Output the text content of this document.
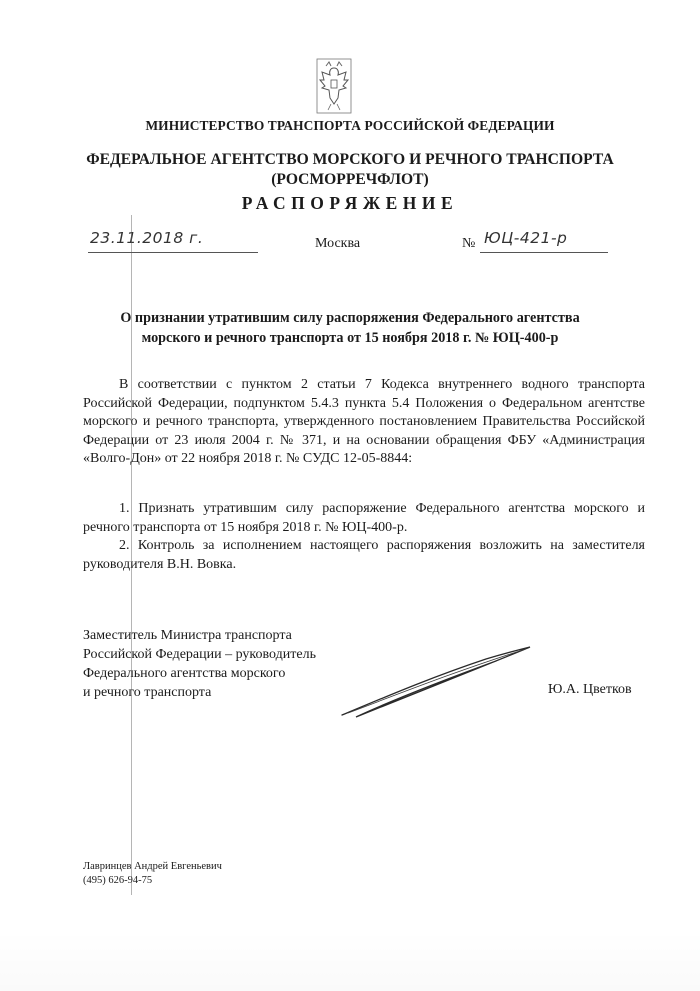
МИНИСТЕРСТВО ТРАНСПОРТА РОССИЙСКОЙ ФЕДЕРАЦИИ
ФЕДЕРАЛЬНОЕ АГЕНТСТВО МОРСКОГО И РЕЧНОГО ТРАНСПОРТА
(РОСМОРРЕЧФЛОТ)
РАСПОРЯЖЕНИЕ
23.11.2018 г.	Москва	№ ЮЦ-421-р
О признании утратившим силу распоряжения Федерального агентства
морского и речного транспорта от 15 ноября 2018 г. № ЮЦ-400-р
В соответствии с пунктом 2 статьи 7 Кодекса внутреннего водного транспорта Российской Федерации, подпунктом 5.4.3 пункта 5.4 Положения о Федеральном агентстве морского и речного транспорта, утвержденного постановлением Правительства Российской Федерации от 23 июля 2004 г. № 371, и на основании обращения ФБУ «Администрация «Волго-Дон» от 22 ноября 2018 г. № СУДС 12-05-8844:
1. Признать утратившим силу распоряжение Федерального агентства морского и речного транспорта от 15 ноября 2018 г. № ЮЦ-400-р.
2. Контроль за исполнением настоящего распоряжения возложить на заместителя руководителя В.Н. Вовка.
Заместитель Министра транспорта
Российской Федерации – руководитель
Федерального агентства морского
и речного транспорта	Ю.А. Цветков
Лавринцев Андрей Евгеньевич
(495) 626-94-75
